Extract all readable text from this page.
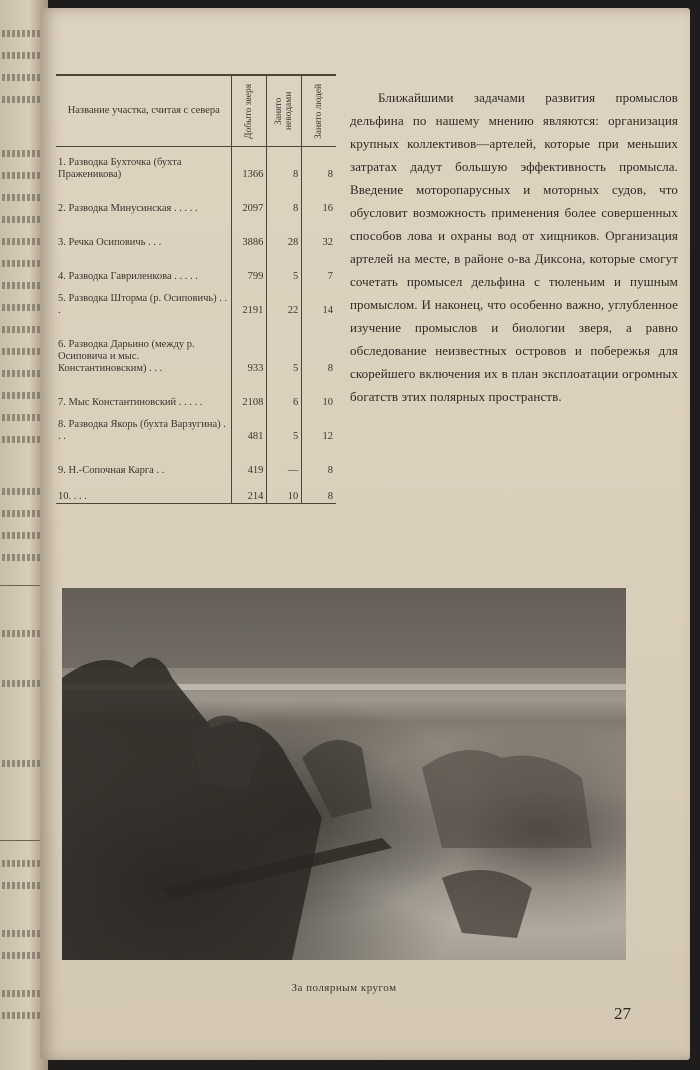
Название участка, считая с севера	Добыто зверя	Занято неводами	Занято людей

1. Разводка Бухточка (бухта Праженикова)	1366	8	8
2. Разводка Минусинская . . . . .	2097	8	16
3. Речка Осиповичь . . .	3886	28	32
4. Разводка Гавриленкова . . . . .	799	5	7
5. Разводка Шторма (р. Осиповичь) . . .	2191	22	14
6. Разводка Дарьино (между р. Осиповича и мыс. Константиновским) . . .	933	5	8
7. Мыс Константиновский . . . . .	2108	6	10
8. Разводка Якорь (бухта Варзугина) . . .	481	5	12
9. Н.-Сопочная Карга . .	419	—	8
10. . . .	214	10	8
Ближайшими задачами развития промыслов дельфина по нашему мнению являются: организация крупных коллективов—артелей, которые при меньших затратах дадут большую эффективность промысла. Введение моторопарусных и моторных судов, что обусловит возможность применения более совершенных способов лова и охраны вод от хищников. Организация артелей на месте, в районе о-ва Диксона, которые смогут сочетать промысел дельфина с тюленьим и пушным промыслом. И наконец, что особенно важно, углубленное изучение промыслов и биологии зверя, а равно обследование неизвестных островов и побережья для скорейшего включения их в план эксплоатации огромных богатств этих полярных пространств.
За полярным кругом
27
